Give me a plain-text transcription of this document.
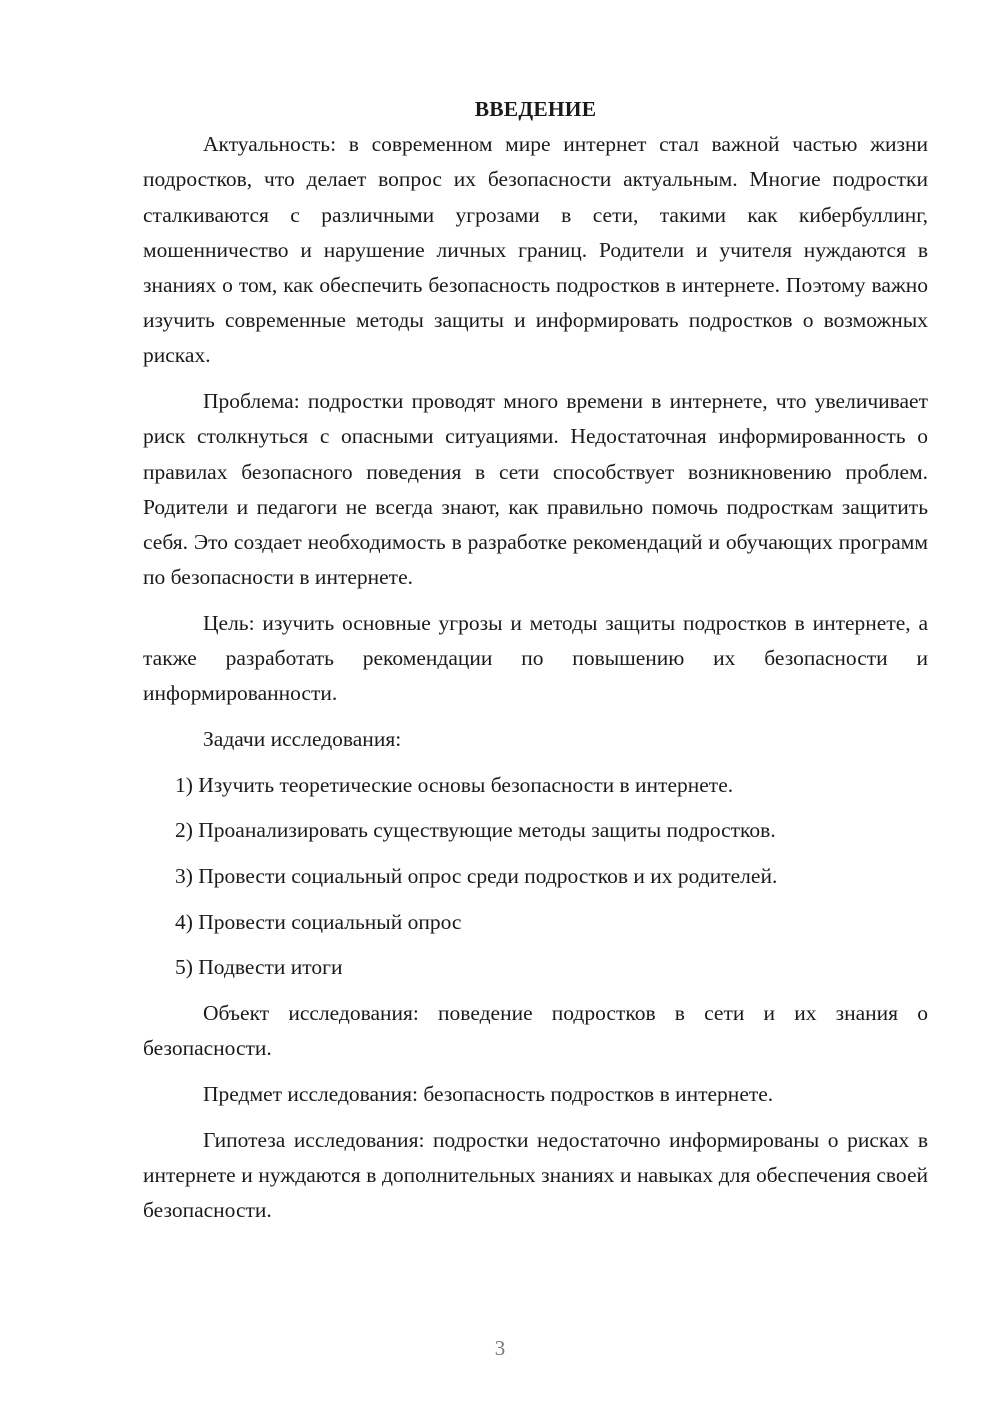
ВВЕДЕНИЕ

Актуальность: в современном мире интернет стал важной частью жизни подростков, что делает вопрос их безопасности актуальным. Многие подростки сталкиваются с различными угрозами в сети, такими как кибербуллинг, мошенничество и нарушение личных границ. Родители и учителя нуждаются в знаниях о том, как обеспечить безопасность подростков в интернете. Поэтому важно изучить современные методы защиты и информировать подростков о возможных рисках.

Проблема: подростки проводят много времени в интернете, что увеличивает риск столкнуться с опасными ситуациями. Недостаточная информированность о правилах безопасного поведения в сети способствует возникновению проблем. Родители и педагоги не всегда знают, как правильно помочь подросткам защитить себя. Это создает необходимость в разработке рекомендаций и обучающих программ по безопасности в интернете.

Цель: изучить основные угрозы и методы защиты подростков в интернете, а также разработать рекомендации по повышению их безопасности и информированности.

Задачи исследования:

1) Изучить теоретические основы безопасности в интернете.
2) Проанализировать существующие методы защиты подростков.
3) Провести социальный опрос среди подростков и их родителей.
4) Провести социальный опрос
5) Подвести итоги

Объект исследования: поведение подростков в сети и их знания о безопасности.

Предмет исследования: безопасность подростков в интернете.

Гипотеза исследования: подростки недостаточно информированы о рисках в интернете и нуждаются в дополнительных знаниях и навыках для обеспечения своей безопасности.

3
